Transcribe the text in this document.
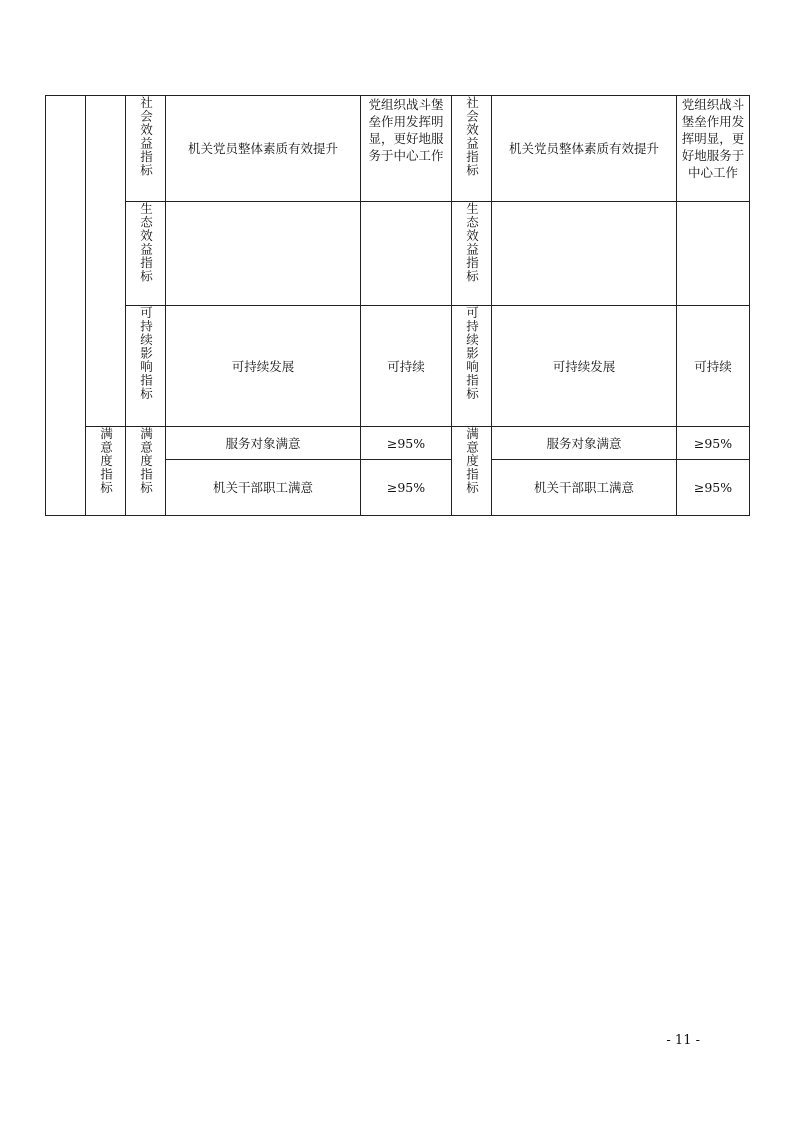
		社会效益指标	机关党员整体素质有效提升	党组织战斗堡垒作用发挥明显，更好地服务于中心工作	社会效益指标	机关党员整体素质有效提升	党组织战斗堡垒作用发挥明显，更好地服务于中心工作

		生态效益指标			生态效益指标		
		可持续影响指标	可持续发展	可持续	可持续影响指标	可持续发展	可持续
	满意度指标	满意度指标	服务对象满意	≥95%	满意度指标	服务对象满意	≥95%
			机关干部职工满意	≥95%		机关干部职工满意	≥95%
- 11 -
